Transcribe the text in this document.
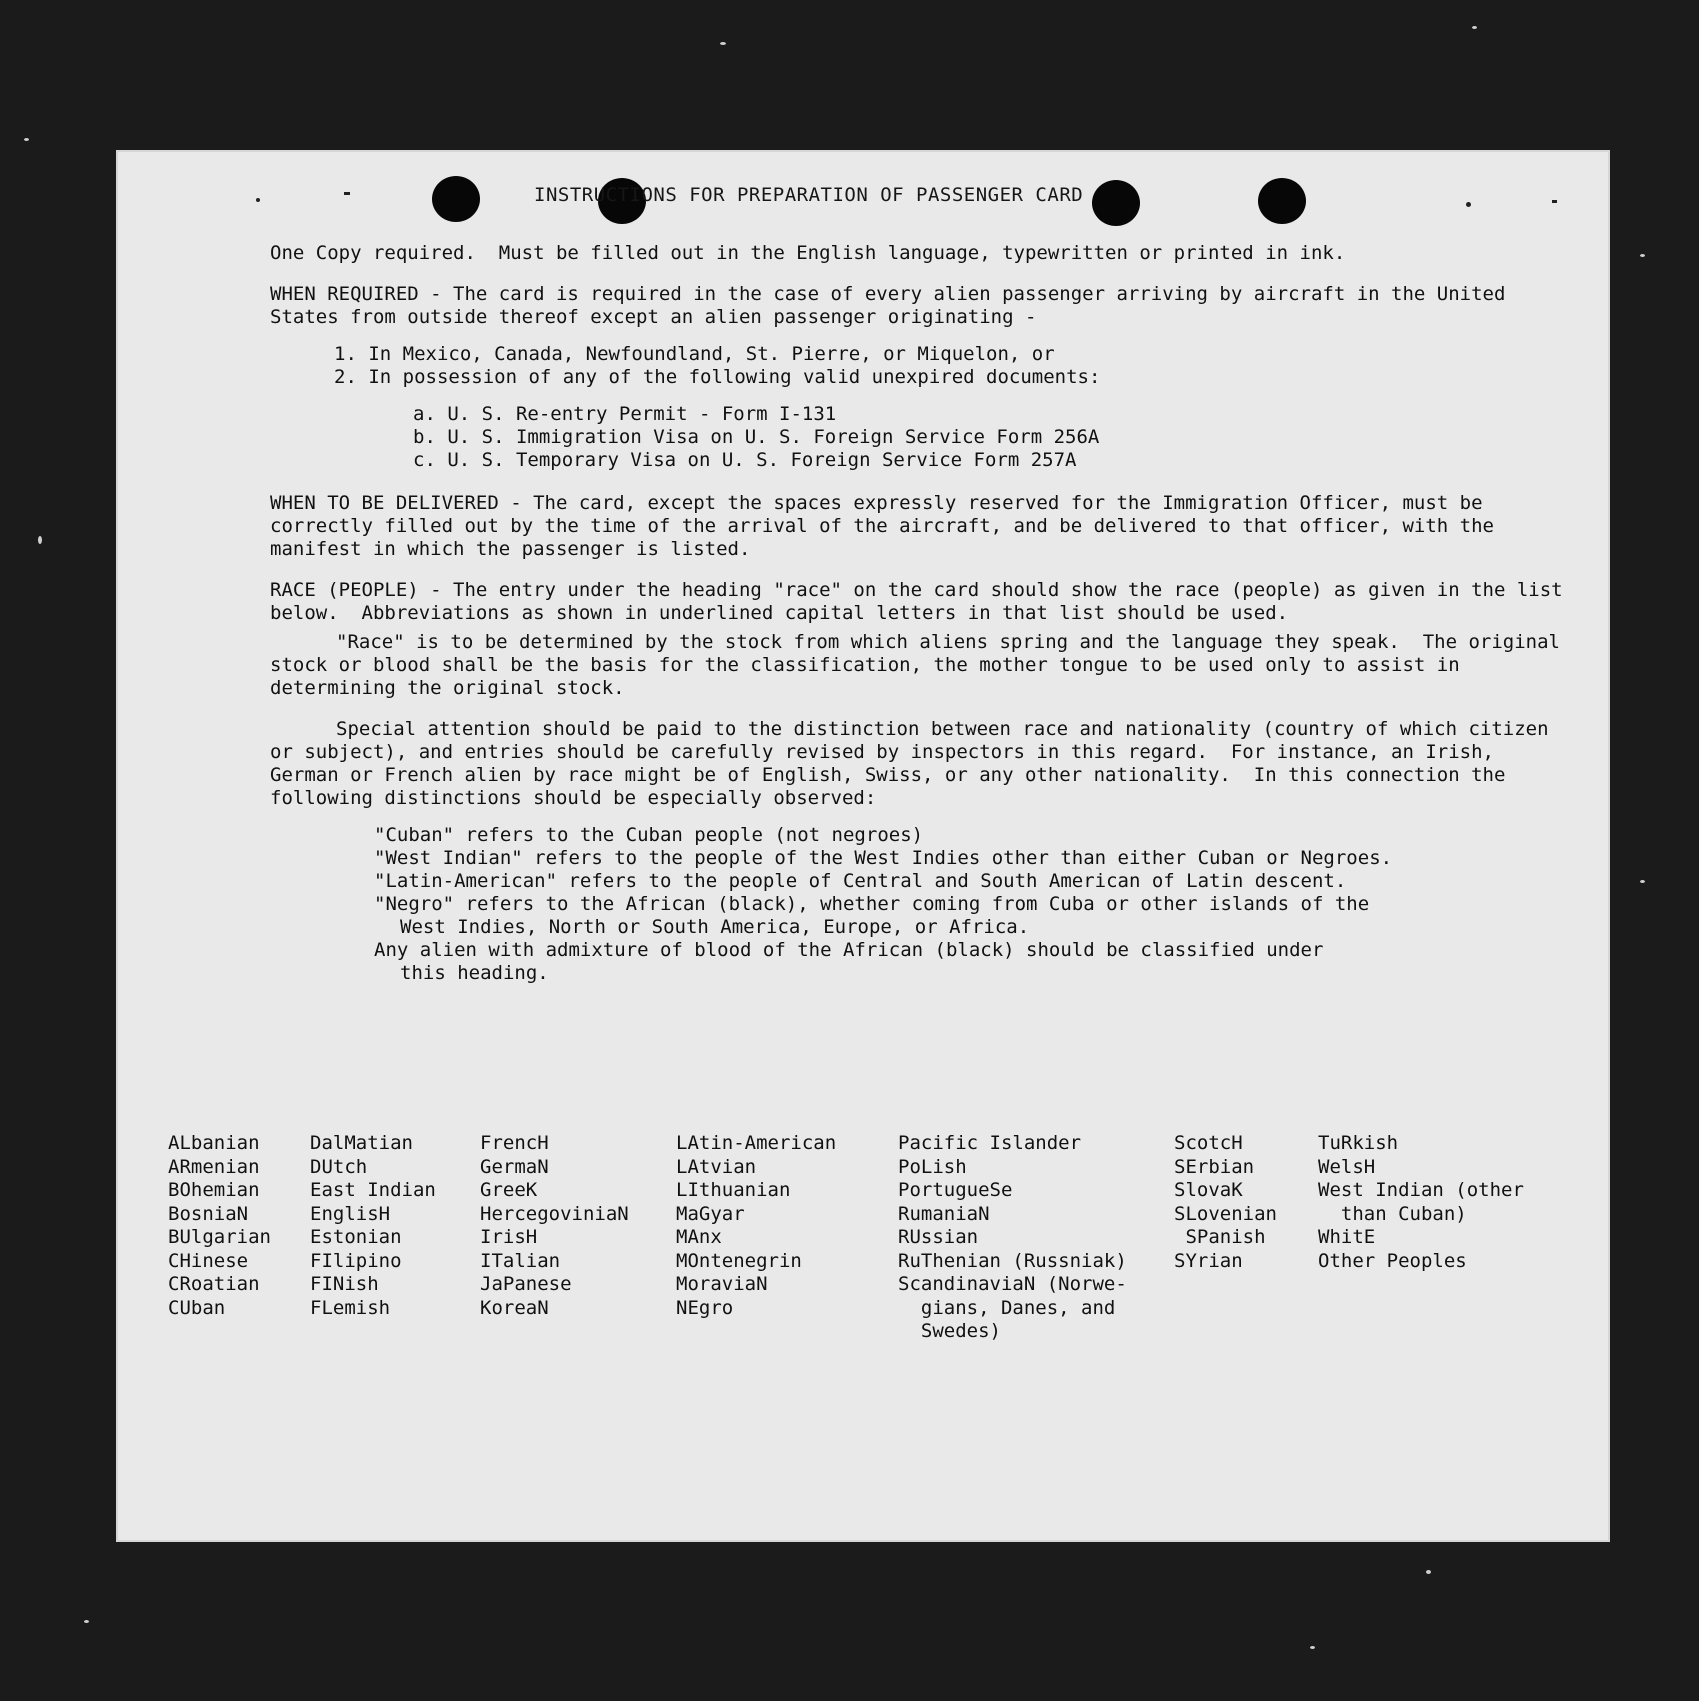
INSTRUCTIONS FOR PREPARATION OF PASSENGER CARD

One Copy required.  Must be filled out in the English language, typewritten or printed in ink.

WHEN REQUIRED - The card is required in the case of every alien passenger arriving by aircraft in the United States from outside thereof except an alien passenger originating -

1. In Mexico, Canada, Newfoundland, St. Pierre, or Miquelon, or
2. In possession of any of the following valid unexpired documents:
a. U. S. Re-entry Permit - Form I-131
b. U. S. Immigration Visa on U. S. Foreign Service Form 256A
c. U. S. Temporary Visa on U. S. Foreign Service Form 257A

WHEN TO BE DELIVERED - The card, except the spaces expressly reserved for the Immigration Officer, must be correctly filled out by the time of the arrival of the aircraft, and be delivered to that officer, with the manifest in which the passenger is listed.

RACE (PEOPLE) - The entry under the heading "race" on the card should show the race (people) as given in the list below.  Abbreviations as shown in underlined capital letters in that list should be used.

"Race" is to be determined by the stock from which aliens spring and the language they speak.  The original stock or blood shall be the basis for the classification, the mother tongue to be used only to assist in determining the original stock.

Special attention should be paid to the distinction between race and nationality (country of which citizen or subject), and entries should be carefully revised by inspectors in this regard.  For instance, an Irish, German or French alien by race might be of English, Swiss, or any other nationality.  In this connection the following distinctions should be especially observed:

"Cuban" refers to the Cuban people (not negroes)
"West Indian" refers to the people of the West Indies other than either Cuban or Negroes.
"Latin-American" refers to the people of Central and South American of Latin descent.
"Negro" refers to the African (black), whether coming from Cuba or other islands of the
West Indies, North or South America, Europe, or Africa.
Any alien with admixture of blood of the African (black) should be classified under
this heading.
ALbanian
ARmenian
BOhemian
BosniaN
BUlgarian
CHinese
CRoatian
CUban
DalMatian
DUtch
East Indian
EnglisH
Estonian
FIlipino
FINish
FLemish
FrencH
GermaN
GreeK
HercegoviniaN
IrisH
ITalian
JaPanese
KoreaN
LAtin-American
LAtvian
LIthuanian
MaGyar
MAnx
MOntenegrin
MoraviaN
NEgro
Pacific Islander
PoLish
PortugueSe
RumaniaN
RUssian
RuThenian (Russniak)
ScandinaviaN (Norwe-
gians, Danes, and
Swedes)
ScotcH
SErbian
SlovaK
SLovenian
SPanish
SYrian
TuRkish
WelsH
West Indian (other
than Cuban)
WhitE
Other Peoples
